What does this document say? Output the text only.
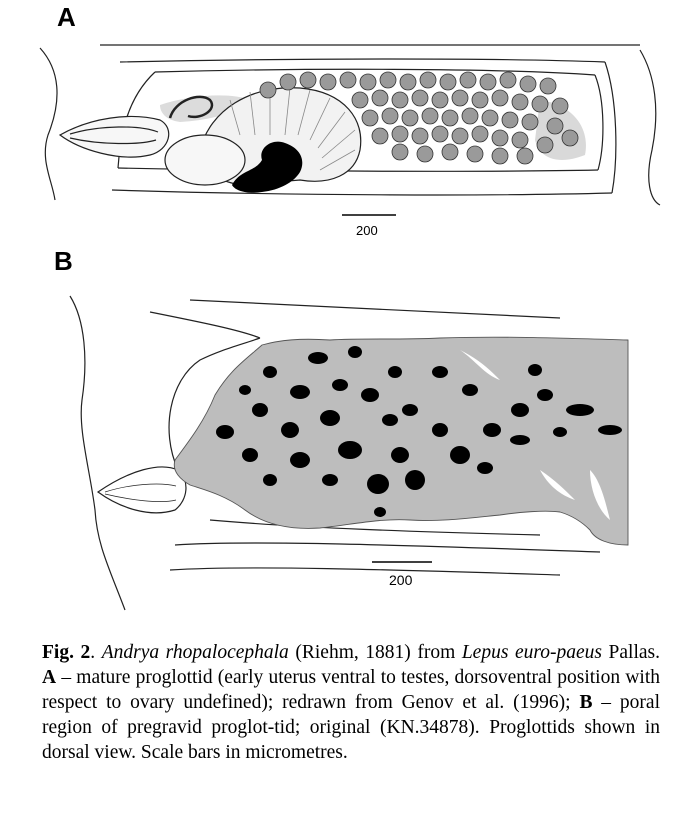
A
B
200
200
Fig. 2. Andrya rhopalocephala (Riehm, 1881) from Lepus euro-paeus Pallas. A – mature proglottid (early uterus ventral to testes, dorsoventral position with respect to ovary undefined); redrawn from Genov et al. (1996); B – poral region of pregravid proglot-tid; original (KN.34878). Proglottids shown in dorsal view. Scale bars in micrometres.
